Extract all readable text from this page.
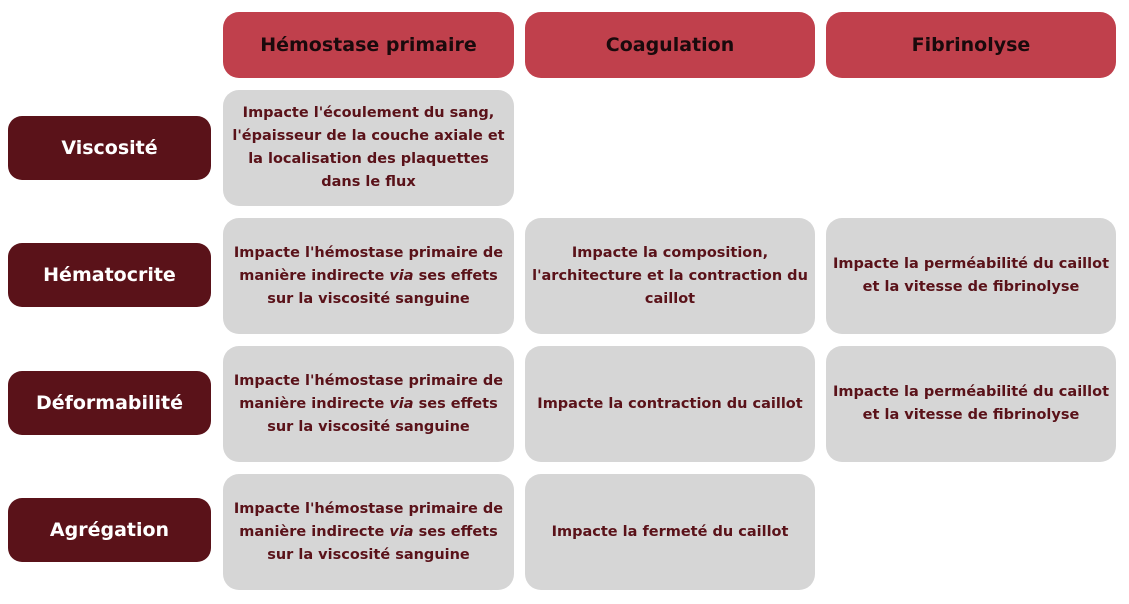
Hémostase primaire	Coagulation	Fibrinolyse
Viscosité
Hématocrite
Déformabilité
Agrégation
Impacte l'écoulement du sang, l'épaisseur de la couche axiale et la localisation des plaquettes dans le flux
Impacte l'hémostase primaire de manière indirecte via ses effets sur la viscosité sanguine
Impacte la composition, l'architecture et la contraction du caillot
Impacte la perméabilité du caillot et la vitesse de fibrinolyse
Impacte l'hémostase primaire de manière indirecte via ses effets sur la viscosité sanguine
Impacte la contraction du caillot
Impacte la perméabilité du caillot et la vitesse de fibrinolyse
Impacte l'hémostase primaire de manière indirecte via ses effets sur la viscosité sanguine
Impacte la fermeté du caillot
